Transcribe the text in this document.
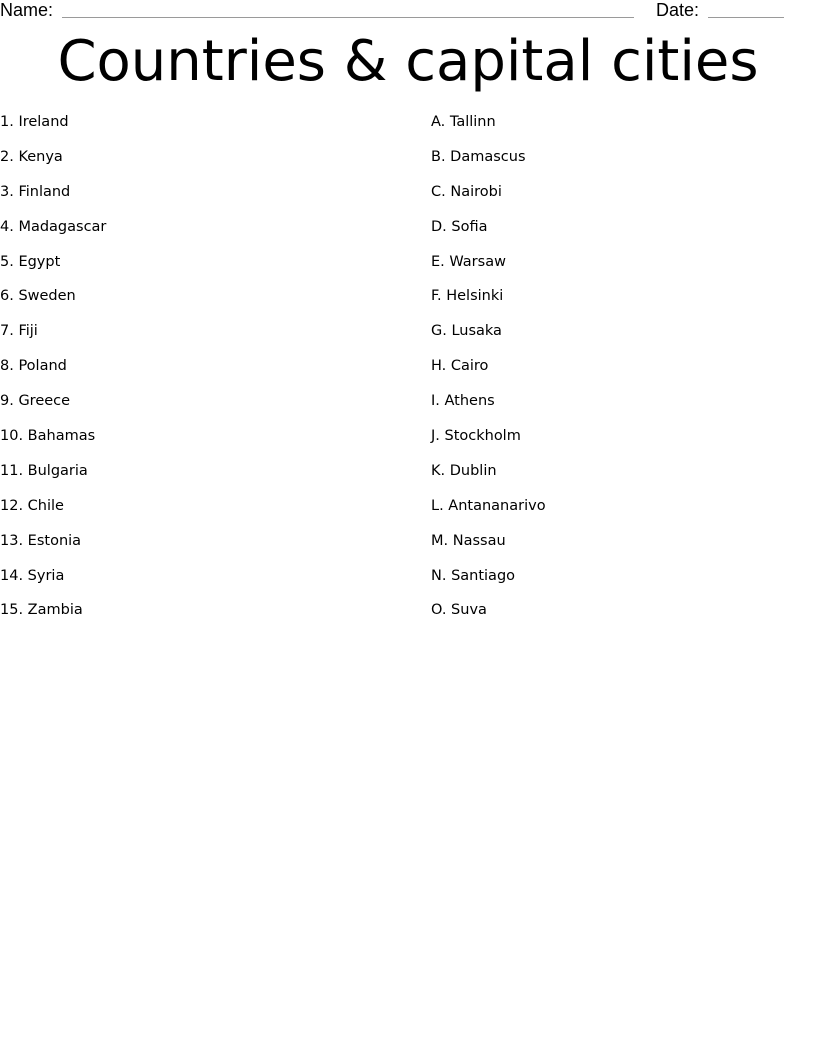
Name:	Date:
Countries & capital cities
1. Ireland
2. Kenya
3. Finland
4. Madagascar
5. Egypt
6. Sweden
7. Fiji
8. Poland
9. Greece
10. Bahamas
11. Bulgaria
12. Chile
13. Estonia
14. Syria
15. Zambia
A. Tallinn
B. Damascus
C. Nairobi
D. Sofia
E. Warsaw
F. Helsinki
G. Lusaka
H. Cairo
I. Athens
J. Stockholm
K. Dublin
L. Antananarivo
M. Nassau
N. Santiago
O. Suva
